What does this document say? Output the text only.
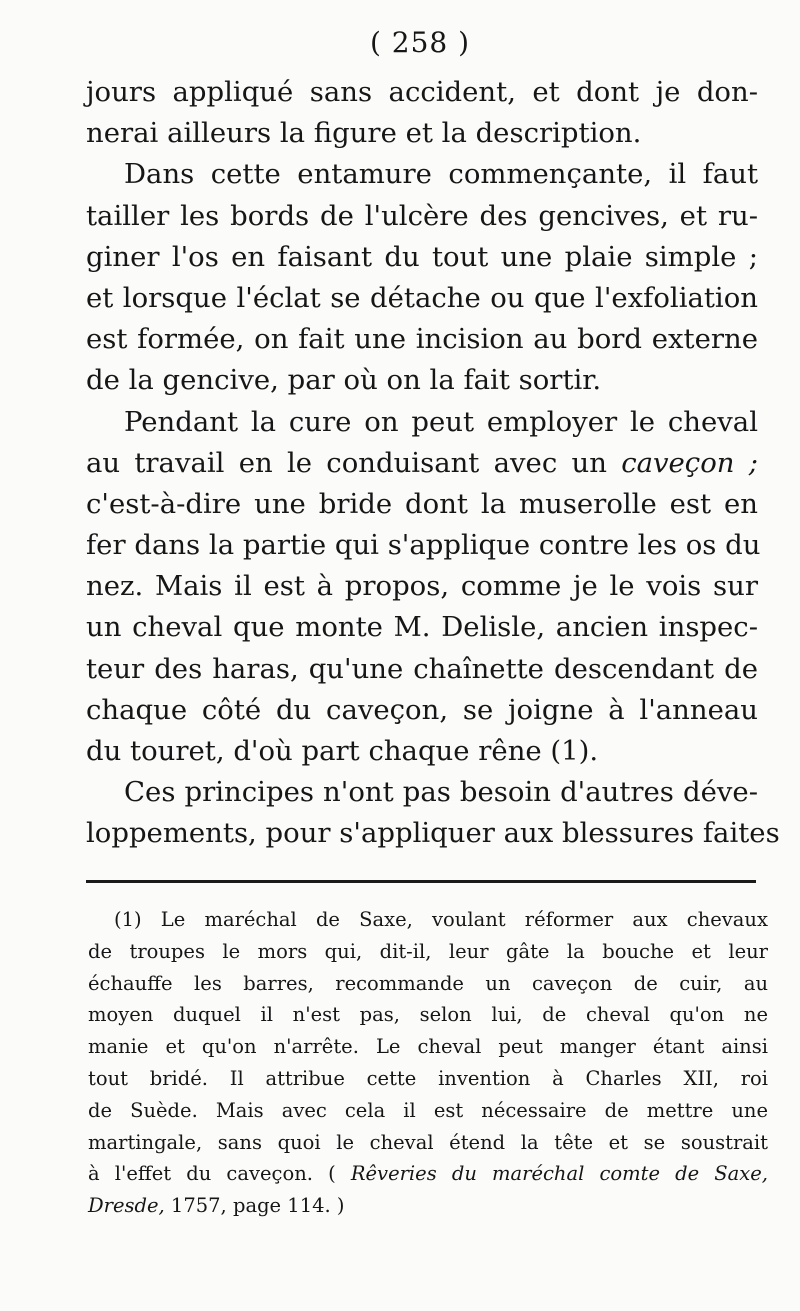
( 258 )
jours appliqué sans accident, et dont je don-
nerai ailleurs la figure et la description.
Dans cette entamure commençante, il faut
tailler les bords de l'ulcère des gencives, et ru-
giner l'os en faisant du tout une plaie simple ;
et lorsque l'éclat se détache ou que l'exfoliation
est formée, on fait une incision au bord externe
de la gencive, par où on la fait sortir.
Pendant la cure on peut employer le cheval
au travail en le conduisant avec un caveçon ;
c'est-à-dire une bride dont la muserolle est en
fer dans la partie qui s'applique contre les os du
nez. Mais il est à propos, comme je le vois sur
un cheval que monte M. Delisle, ancien inspec-
teur des haras, qu'une chaînette descendant de
chaque côté du caveçon, se joigne à l'anneau
du touret, d'où part chaque rêne (1).
Ces principes n'ont pas besoin d'autres déve-
loppements, pour s'appliquer aux blessures faites
(1) Le maréchal de Saxe, voulant réformer aux chevaux
de troupes le mors qui, dit-il, leur gâte la bouche et leur
échauffe les barres, recommande un caveçon de cuir, au
moyen duquel il n'est pas, selon lui, de cheval qu'on ne
manie et qu'on n'arrête. Le cheval peut manger étant ainsi
tout bridé. Il attribue cette invention à Charles XII, roi
de Suède. Mais avec cela il est nécessaire de mettre une
martingale, sans quoi le cheval étend la tête et se soustrait
à l'effet du caveçon. ( Rêveries du maréchal comte de Saxe,
Dresde, 1757, page 114. )
